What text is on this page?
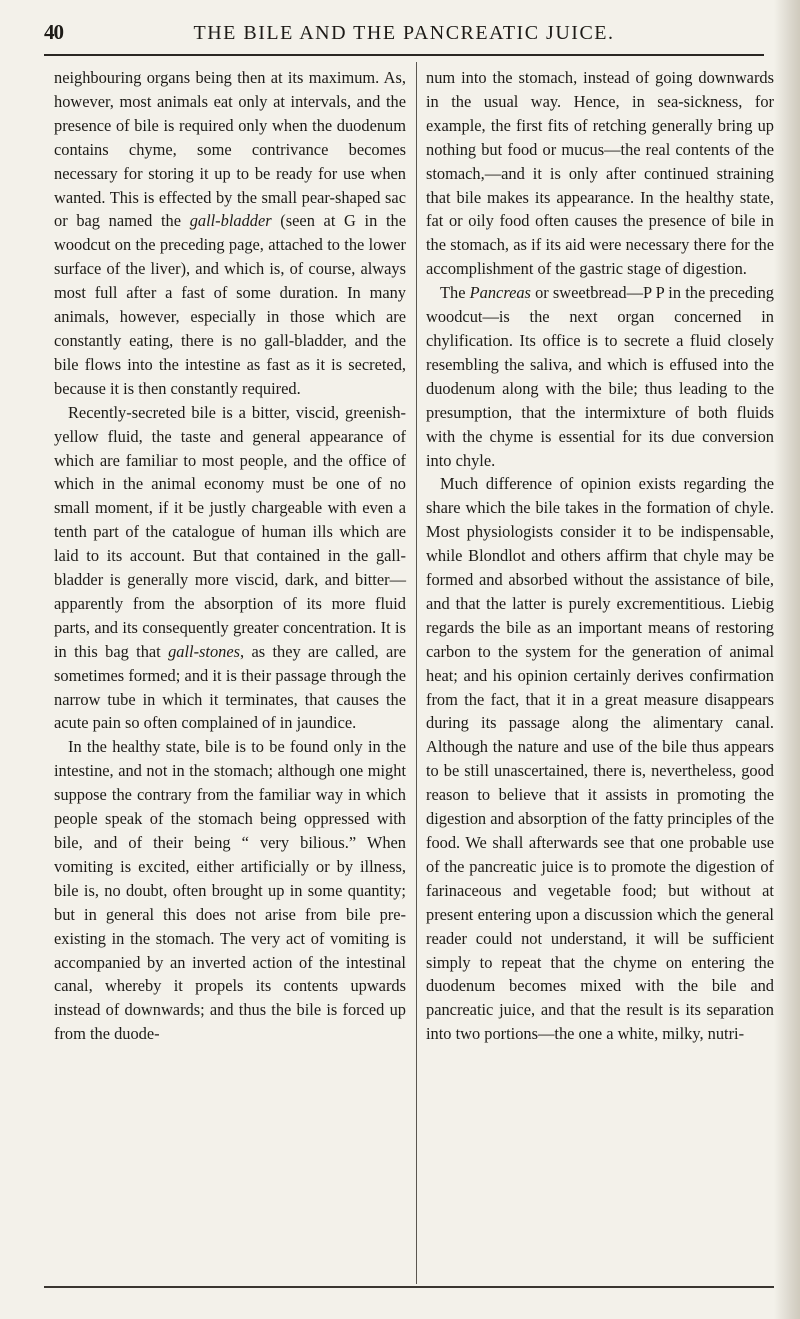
40	THE BILE AND THE PANCREATIC JUICE.

neighbouring organs being then at its maximum. As, however, most animals eat only at intervals, and the presence of bile is required only when the duodenum contains chyme, some contrivance becomes necessary for storing it up to be ready for use when wanted. This is effected by the small pear-shaped sac or bag named the gall-bladder (seen at G in the woodcut on the preceding page, attached to the lower surface of the liver), and which is, of course, always most full after a fast of some duration. In many animals, however, especially in those which are constantly eating, there is no gall-bladder, and the bile flows into the intestine as fast as it is secreted, because it is then constantly required.

Recently-secreted bile is a bitter, viscid, greenish-yellow fluid, the taste and general appearance of which are familiar to most people, and the office of which in the animal economy must be one of no small moment, if it be justly chargeable with even a tenth part of the catalogue of human ills which are laid to its account. But that contained in the gall-bladder is generally more viscid, dark, and bitter—apparently from the absorption of its more fluid parts, and its consequently greater concentration. It is in this bag that gall-stones, as they are called, are sometimes formed; and it is their passage through the narrow tube in which it terminates, that causes the acute pain so often complained of in jaundice.

In the healthy state, bile is to be found only in the intestine, and not in the stomach; although one might suppose the contrary from the familiar way in which people speak of the stomach being oppressed with bile, and of their being “ very bilious.” When vomiting is excited, either artificially or by illness, bile is, no doubt, often brought up in some quantity; but in general this does not arise from bile pre-existing in the stomach. The very act of vomiting is accompanied by an inverted action of the intestinal canal, whereby it propels its contents upwards instead of downwards; and thus the bile is forced up from the duode-

num into the stomach, instead of going downwards in the usual way. Hence, in sea-sickness, for example, the first fits of retching generally bring up nothing but food or mucus—the real contents of the stomach,—and it is only after continued straining that bile makes its appearance. In the healthy state, fat or oily food often causes the presence of bile in the stomach, as if its aid were necessary there for the accomplishment of the gastric stage of digestion.

The Pancreas or sweetbread—P P in the preceding woodcut—is the next organ concerned in chylification. Its office is to secrete a fluid closely resembling the saliva, and which is effused into the duodenum along with the bile; thus leading to the presumption, that the intermixture of both fluids with the chyme is essential for its due conversion into chyle.

Much difference of opinion exists regarding the share which the bile takes in the formation of chyle. Most physiologists consider it to be indispensable, while Blondlot and others affirm that chyle may be formed and absorbed without the assistance of bile, and that the latter is purely excrementitious. Liebig regards the bile as an important means of restoring carbon to the system for the generation of animal heat; and his opinion certainly derives confirmation from the fact, that it in a great measure disappears during its passage along the alimentary canal. Although the nature and use of the bile thus appears to be still unascertained, there is, nevertheless, good reason to believe that it assists in promoting the digestion and absorption of the fatty principles of the food. We shall afterwards see that one probable use of the pancreatic juice is to promote the digestion of farinaceous and vegetable food; but without at present entering upon a discussion which the general reader could not understand, it will be sufficient simply to repeat that the chyme on entering the duodenum becomes mixed with the bile and pancreatic juice, and that the result is its separation into two portions—the one a white, milky, nutri-
